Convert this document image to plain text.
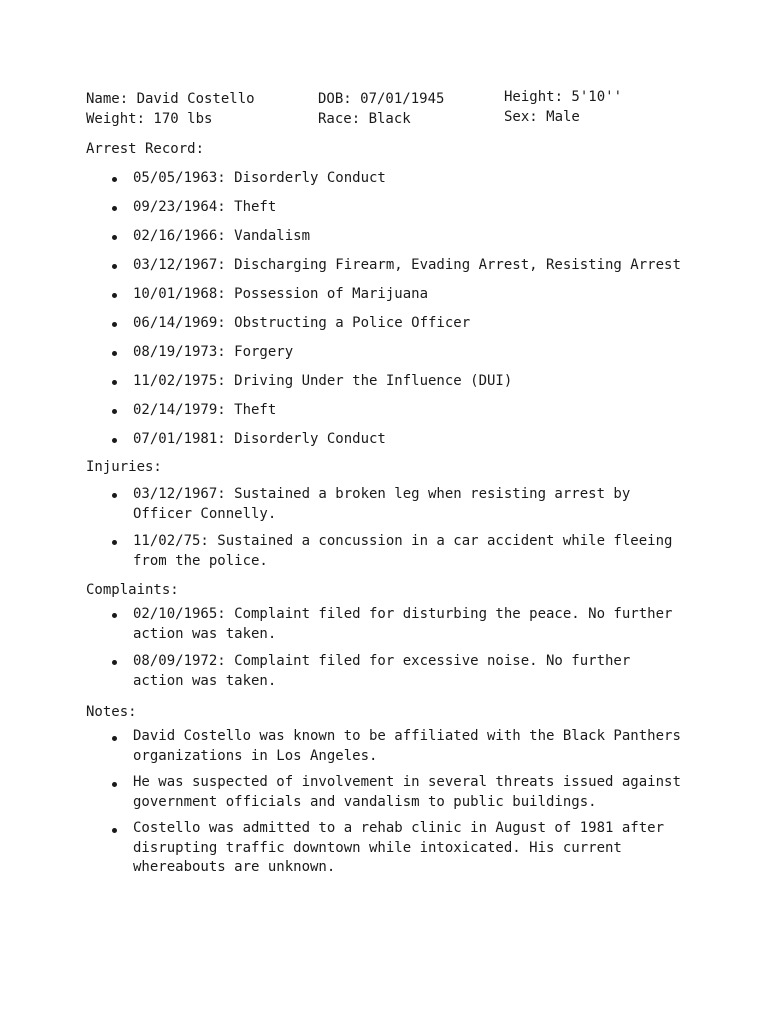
Name: David Costello
Weight: 170 lbs
DOB: 07/01/1945
Race: Black
Height: 5'10''
Sex: Male
Arrest Record:
05/05/1963: Disorderly Conduct
09/23/1964: Theft
02/16/1966: Vandalism
03/12/1967: Discharging Firearm, Evading Arrest, Resisting Arrest
10/01/1968: Possession of Marijuana
06/14/1969: Obstructing a Police Officer
08/19/1973: Forgery
11/02/1975: Driving Under the Influence (DUI)
02/14/1979: Theft
07/01/1981: Disorderly Conduct
Injuries:
03/12/1967: Sustained a broken leg when resisting arrest by
Officer Connelly.
11/02/75: Sustained a concussion in a car accident while fleeing
from the police.
Complaints:
02/10/1965: Complaint filed for disturbing the peace. No further
action was taken.
08/09/1972: Complaint filed for excessive noise. No further
action was taken.
Notes:
David Costello was known to be affiliated with the Black Panthers
organizations in Los Angeles.
He was suspected of involvement in several threats issued against
government officials and vandalism to public buildings.
Costello was admitted to a rehab clinic in August of 1981 after
disrupting traffic downtown while intoxicated. His current
whereabouts are unknown.
